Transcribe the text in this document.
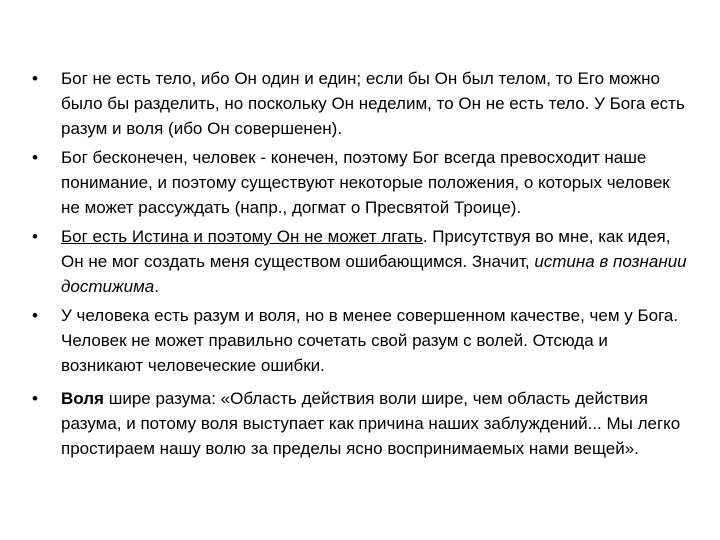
•	Бог не есть тело, ибо Он один и един; если бы Он был телом, то Его можно было бы разделить, но поскольку Он неделим, то Он не есть тело. У Бога есть разум и воля (ибо Он совершенен).
•	Бог бесконечен, человек - конечен, поэтому Бог всегда превосходит наше понимание, и поэтому существуют некоторые положения, о которых человек не может рассуждать (напр., догмат о Пресвятой Троице).
•	Бог есть Истина и поэтому Он не может лгать. Присутствуя во мне, как идея, Он не мог создать меня существом ошибающимся. Значит, истина в познании достижима.
•	У человека есть разум и воля, но в менее совершенном качестве, чем у Бога. Человек не может правильно сочетать свой разум с волей. Отсюда и возникают человеческие ошибки.
•	Воля шире разума: «Область действия воли шире, чем область действия разума, и потому воля выступает как причина наших заблуждений... Мы легко простираем нашу волю за пределы ясно воспринимаемых нами вещей».
